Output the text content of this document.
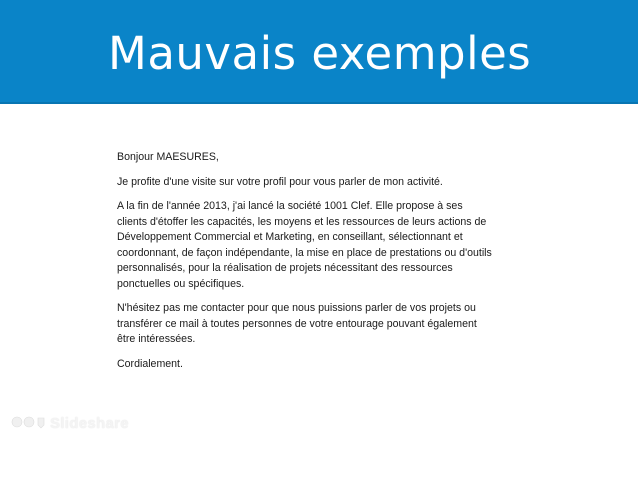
Mauvais exemples

Bonjour MAESURES,

Je profite d'une visite sur votre profil pour vous parler de mon activité.

A la fin de l'année 2013, j'ai lancé la société 1001 Clef. Elle propose à ses
clients d'étoffer les capacités, les moyens et les ressources de leurs actions de
Développement Commercial et Marketing, en conseillant, sélectionnant et
coordonnant, de façon indépendante, la mise en place de prestations ou d'outils
personnalisés, pour la réalisation de projets nécessitant des ressources
ponctuelles ou spécifiques.

N'hésitez pas me contacter pour que nous puissions parler de vos projets ou
transférer ce mail à toutes personnes de votre entourage pouvant également
être intéressées.

Cordialement.

Slideshare
